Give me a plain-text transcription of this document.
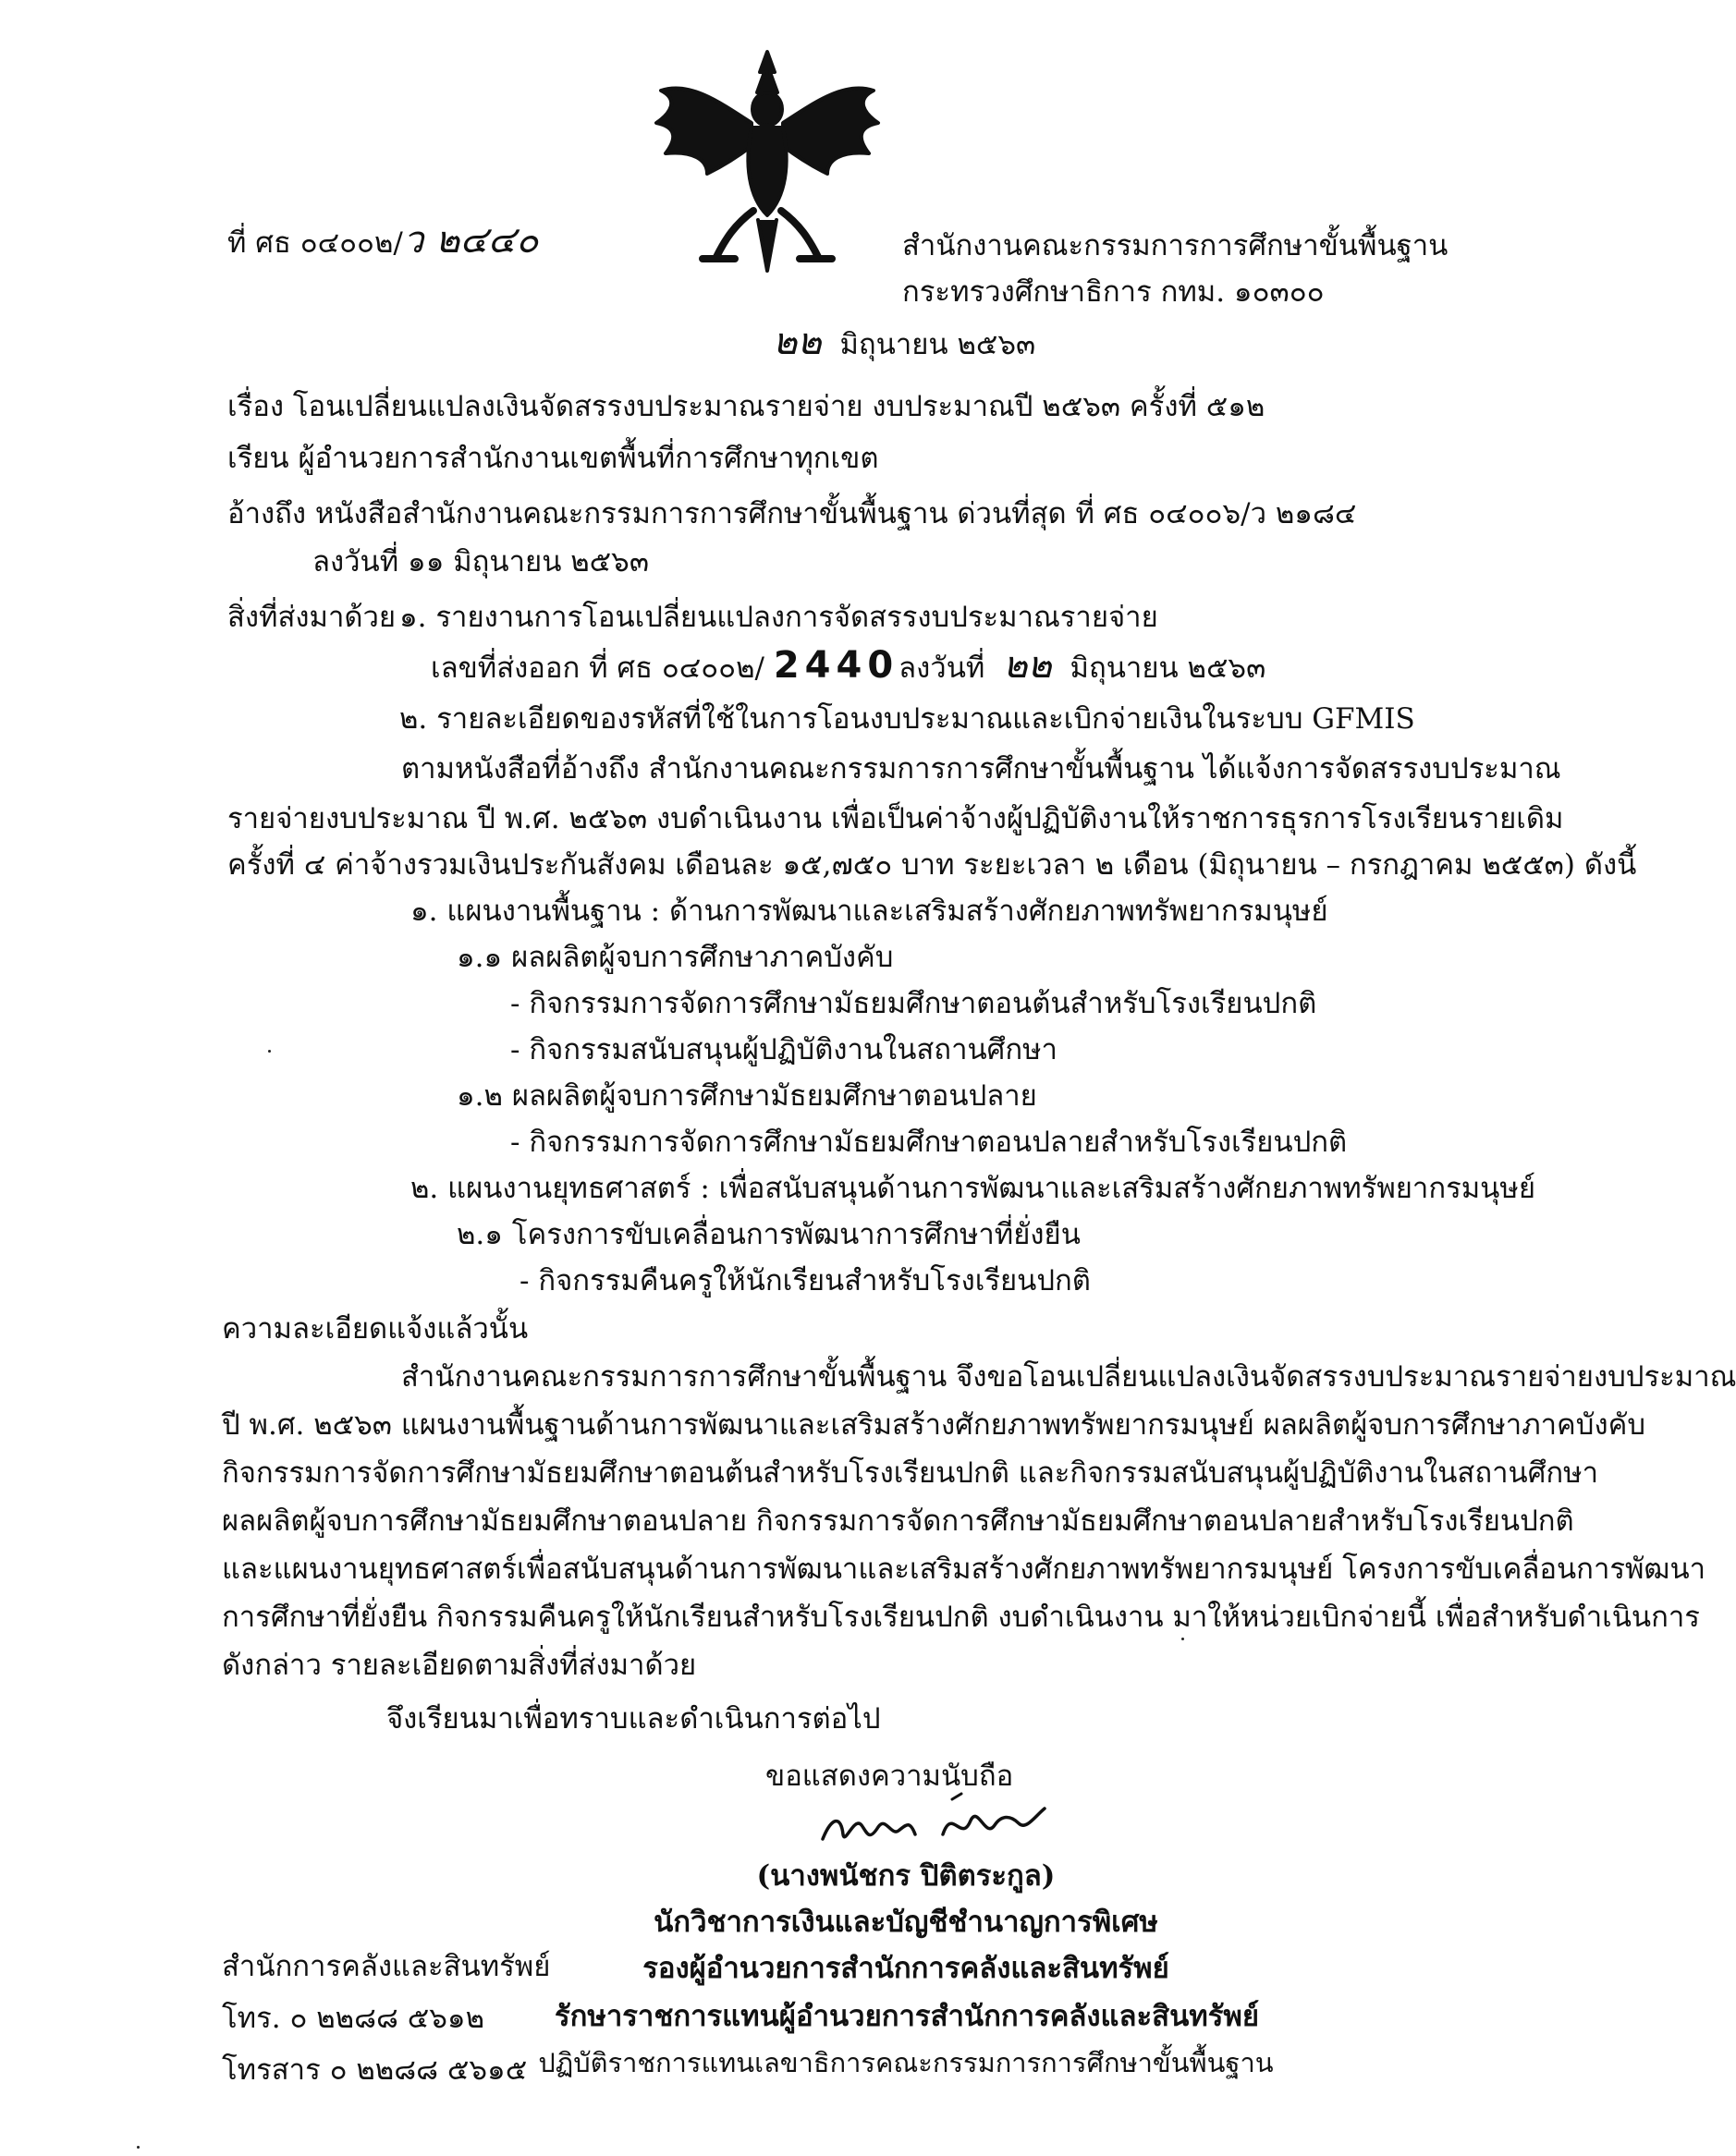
ที่ ศธ ๐๔๐๐๒/ว ๒๔๔๐	สำนักงานคณะกรรมการการศึกษาขั้นพื้นฐาน
กระทรวงศึกษาธิการ กทม. ๑๐๓๐๐
๒๒ มิถุนายน ๒๕๖๓
เรื่อง โอนเปลี่ยนแปลงเงินจัดสรรงบประมาณรายจ่าย งบประมาณปี ๒๕๖๓ ครั้งที่ ๕๑๒
เรียน ผู้อำนวยการสำนักงานเขตพื้นที่การศึกษาทุกเขต
อ้างถึง หนังสือสำนักงานคณะกรรมการการศึกษาขั้นพื้นฐาน ด่วนที่สุด ที่ ศธ ๐๔๐๐๖/ว ๒๑๘๔
ลงวันที่ ๑๑ มิถุนายน ๒๕๖๓
สิ่งที่ส่งมาด้วย ๑. รายงานการโอนเปลี่ยนแปลงการจัดสรรงบประมาณรายจ่าย
เลขที่ส่งออก ที่ ศธ ๐๔๐๐๒/ 2440ลงวันที่ ๒๒ มิถุนายน ๒๕๖๓
๒. รายละเอียดของรหัสที่ใช้ในการโอนงบประมาณและเบิกจ่ายเงินในระบบ GFMIS
ตามหนังสือที่อ้างถึง สำนักงานคณะกรรมการการศึกษาขั้นพื้นฐาน ได้แจ้งการจัดสรรงบประมาณ
รายจ่ายงบประมาณ ปี พ.ศ. ๒๕๖๓ งบดำเนินงาน เพื่อเป็นค่าจ้างผู้ปฏิบัติงานให้ราชการธุรการโรงเรียนรายเดิม
ครั้งที่ ๔ ค่าจ้างรวมเงินประกันสังคม เดือนละ ๑๕,๗๕๐ บาท ระยะเวลา ๒ เดือน (มิถุนายน – กรกฎาคม ๒๕๕๓) ดังนี้
๑. แผนงานพื้นฐาน : ด้านการพัฒนาและเสริมสร้างศักยภาพทรัพยากรมนุษย์
๑.๑ ผลผลิตผู้จบการศึกษาภาคบังคับ
- กิจกรรมการจัดการศึกษามัธยมศึกษาตอนต้นสำหรับโรงเรียนปกติ
- กิจกรรมสนับสนุนผู้ปฏิบัติงานในสถานศึกษา
๑.๒ ผลผลิตผู้จบการศึกษามัธยมศึกษาตอนปลาย
- กิจกรรมการจัดการศึกษามัธยมศึกษาตอนปลายสำหรับโรงเรียนปกติ
๒. แผนงานยุทธศาสตร์ : เพื่อสนับสนุนด้านการพัฒนาและเสริมสร้างศักยภาพทรัพยากรมนุษย์
๒.๑ โครงการขับเคลื่อนการพัฒนาการศึกษาที่ยั่งยืน
- กิจกรรมคืนครูให้นักเรียนสำหรับโรงเรียนปกติ
ความละเอียดแจ้งแล้วนั้น
สำนักงานคณะกรรมการการศึกษาขั้นพื้นฐาน จึงขอโอนเปลี่ยนแปลงเงินจัดสรรงบประมาณรายจ่ายงบประมาณ
ปี พ.ศ. ๒๕๖๓ แผนงานพื้นฐานด้านการพัฒนาและเสริมสร้างศักยภาพทรัพยากรมนุษย์ ผลผลิตผู้จบการศึกษาภาคบังคับ
กิจกรรมการจัดการศึกษามัธยมศึกษาตอนต้นสำหรับโรงเรียนปกติ และกิจกรรมสนับสนุนผู้ปฏิบัติงานในสถานศึกษา
ผลผลิตผู้จบการศึกษามัธยมศึกษาตอนปลาย กิจกรรมการจัดการศึกษามัธยมศึกษาตอนปลายสำหรับโรงเรียนปกติ
และแผนงานยุทธศาสตร์เพื่อสนับสนุนด้านการพัฒนาและเสริมสร้างศักยภาพทรัพยากรมนุษย์ โครงการขับเคลื่อนการพัฒนา
การศึกษาที่ยั่งยืน กิจกรรมคืนครูให้นักเรียนสำหรับโรงเรียนปกติ งบดำเนินงาน มาให้หน่วยเบิกจ่ายนี้ เพื่อสำหรับดำเนินการ
ดังกล่าว รายละเอียดตามสิ่งที่ส่งมาด้วย
จึงเรียนมาเพื่อทราบและดำเนินการต่อไป
ขอแสดงความนับถือ
(นางพนัชกร ปิติตระกูล)
นักวิชาการเงินและบัญชีชำนาญการพิเศษ
รองผู้อำนวยการสำนักการคลังและสินทรัพย์
รักษาราชการแทนผู้อำนวยการสำนักการคลังและสินทรัพย์
ปฏิบัติราชการแทนเลขาธิการคณะกรรมการการศึกษาขั้นพื้นฐาน
สำนักการคลังและสินทรัพย์
โทร. ๐ ๒๒๘๘ ๕๖๑๒
โทรสาร ๐ ๒๒๘๘ ๕๖๑๕
